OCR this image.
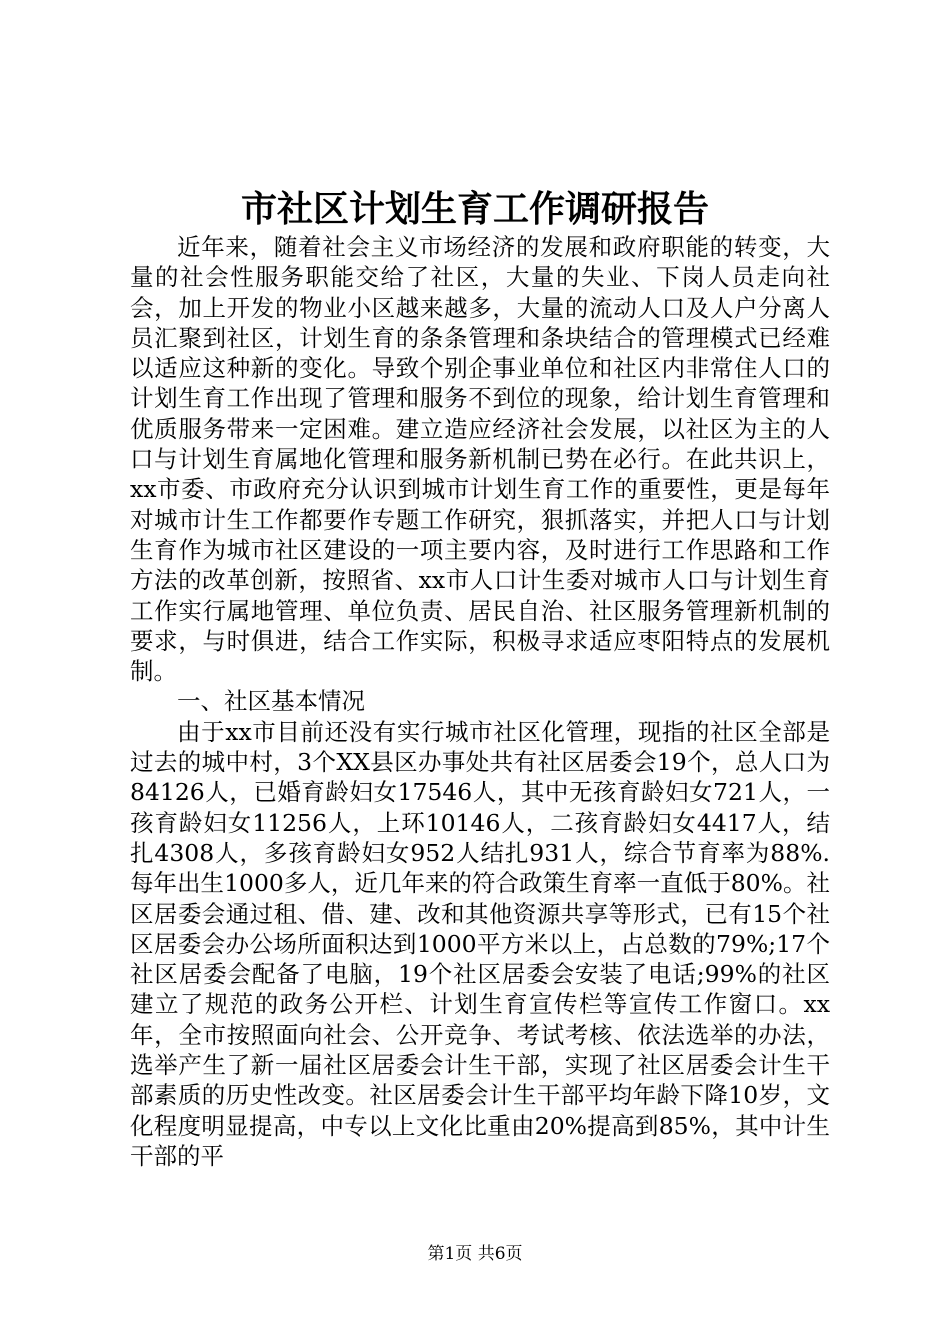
市社区计划生育工作调研报告

近年来，随着社会主义市场经济的发展和政府职能的转变，大量的社会性服务职能交给了社区，大量的失业、下岗人员走向社会，加上开发的物业小区越来越多，大量的流动人口及人户分离人员汇聚到社区，计划生育的条条管理和条块结合的管理模式已经难以适应这种新的变化。导致个别企事业单位和社区内非常住人口的计划生育工作出现了管理和服务不到位的现象，给计划生育管理和优质服务带来一定困难。建立造应经济社会发展，以社区为主的人口与计划生育属地化管理和服务新机制已势在必行。在此共识上，xx市委、市政府充分认识到城市计划生育工作的重要性，更是每年对城市计生工作都要作专题工作研究，狠抓落实，并把人口与计划生育作为城市社区建设的一项主要内容，及时进行工作思路和工作方法的改革创新，按照省、xx市人口计生委对城市人口与计划生育工作实行属地管理、单位负责、居民自治、社区服务管理新机制的要求，与时俱进，结合工作实际，积极寻求适应枣阳特点的发展机制。

一、社区基本情况

由于xx市目前还没有实行城市社区化管理，现指的社区全部是过去的城中村，3个XX县区办事处共有社区居委会19个，总人口为84126人，已婚育龄妇女17546人，其中无孩育龄妇女721人，一孩育龄妇女11256人，上环10146人，二孩育龄妇女4417人，结扎4308人，多孩育龄妇女952人结扎931人，综合节育率为88%.每年出生1000多人，近几年来的符合政策生育率一直低于80%。社区居委会通过租、借、建、改和其他资源共享等形式，已有15个社区居委会办公场所面积达到1000平方米以上，占总数的79%;17个社区居委会配备了电脑，19个社区居委会安装了电话;99%的社区建立了规范的政务公开栏、计划生育宣传栏等宣传工作窗口。xx年，全市按照面向社会、公开竞争、考试考核、依法选举的办法，选举产生了新一届社区居委会计生干部，实现了社区居委会计生干部素质的历史性改变。社区居委会计生干部平均年龄下降10岁，文化程度明显提高，中专以上文化比重由20%提高到85%，其中计生干部的平

第1页 共6页
